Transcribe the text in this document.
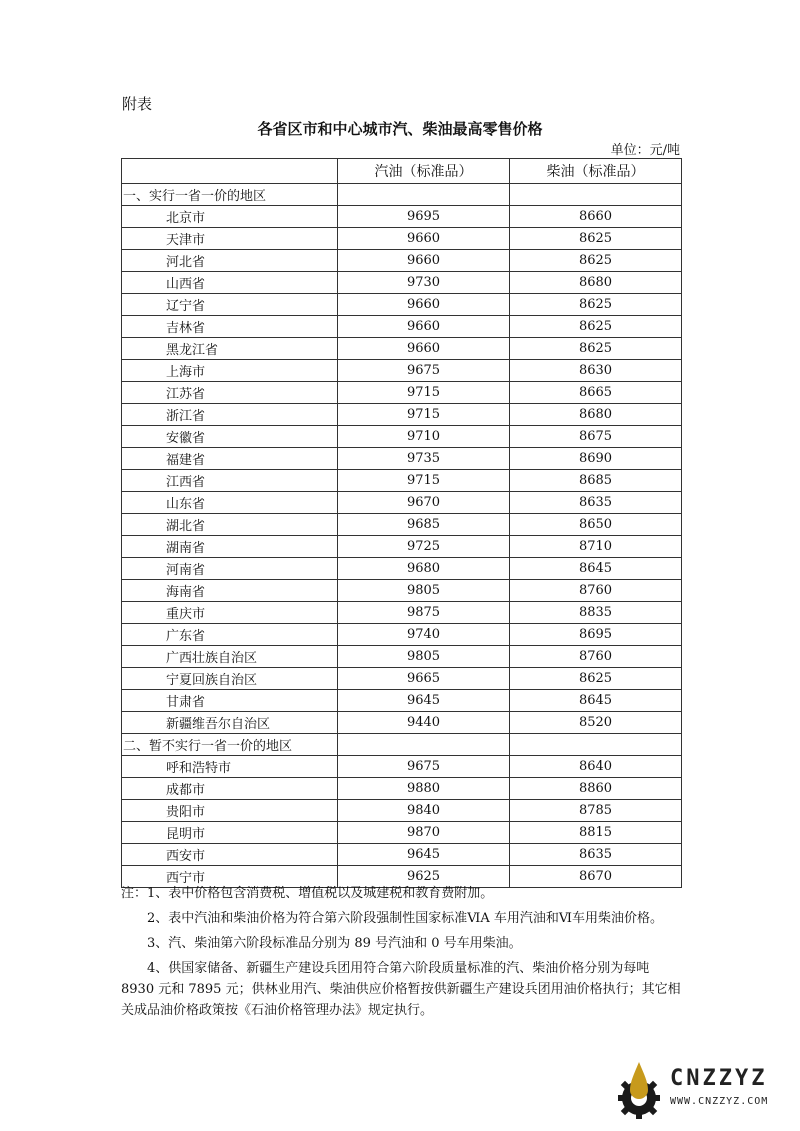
附表
各省区市和中心城市汽、柴油最高零售价格
单位：元/吨
	汽油（标准品）	柴油（标准品）
一、实行一省一价的地区		
北京市	9695	8660
天津市	9660	8625
河北省	9660	8625
山西省	9730	8680
辽宁省	9660	8625
吉林省	9660	8625
黑龙江省	9660	8625
上海市	9675	8630
江苏省	9715	8665
浙江省	9715	8680
安徽省	9710	8675
福建省	9735	8690
江西省	9715	8685
山东省	9670	8635
湖北省	9685	8650
湖南省	9725	8710
河南省	9680	8645
海南省	9805	8760
重庆市	9875	8835
广东省	9740	8695
广西壮族自治区	9805	8760
宁夏回族自治区	9665	8625
甘肃省	9645	8645
新疆维吾尔自治区	9440	8520
二、暂不实行一省一价的地区		
呼和浩特市	9675	8640
成都市	9880	8860
贵阳市	9840	8785
昆明市	9870	8815
西安市	9645	8635
西宁市	9625	8670

注：1、表中价格包含消费税、增值税以及城建税和教育费附加。

2、表中汽油和柴油价格为符合第六阶段强制性国家标准ⅥA 车用汽油和Ⅵ车用柴油价格。

3、汽、柴油第六阶段标准品分别为 89 号汽油和 0 号车用柴油。

4、供国家储备、新疆生产建设兵团用符合第六阶段质量标准的汽、柴油价格分别为每吨 8930 元和 7895 元；供林业用汽、柴油供应价格暂按供新疆生产建设兵团用油价格执行；其它相关成品油价格政策按《石油价格管理办法》规定执行。

CNZZYZ
WWW.CNZZYZ.COM
